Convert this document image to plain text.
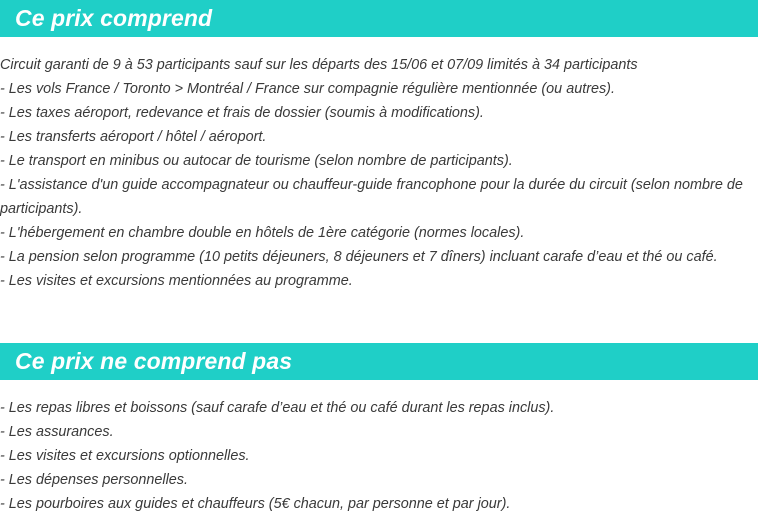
Ce prix comprend
Circuit garanti de 9 à 53 participants sauf sur les départs des 15/06 et 07/09 limités à 34 participants
- Les vols France / Toronto > Montréal / France sur compagnie régulière mentionnée (ou autres).
- Les taxes aéroport, redevance et frais de dossier (soumis à modifications).
- Les transferts aéroport / hôtel / aéroport.
- Le transport en minibus ou autocar de tourisme (selon nombre de participants).
- L'assistance d'un guide accompagnateur ou chauffeur-guide francophone pour la durée du circuit (selon nombre de participants).
- L'hébergement en chambre double en hôtels de 1ère catégorie (normes locales).
- La pension selon programme (10 petits déjeuners, 8 déjeuners et 7 dîners) incluant carafe d’eau et thé ou café.
- Les visites et excursions mentionnées au programme.
Ce prix ne comprend pas
- Les repas libres et boissons (sauf carafe d’eau et thé ou café durant les repas inclus).
- Les assurances.
- Les visites et excursions optionnelles.
- Les dépenses personnelles.
- Les pourboires aux guides et chauffeurs (5€ chacun, par personne et par jour).
